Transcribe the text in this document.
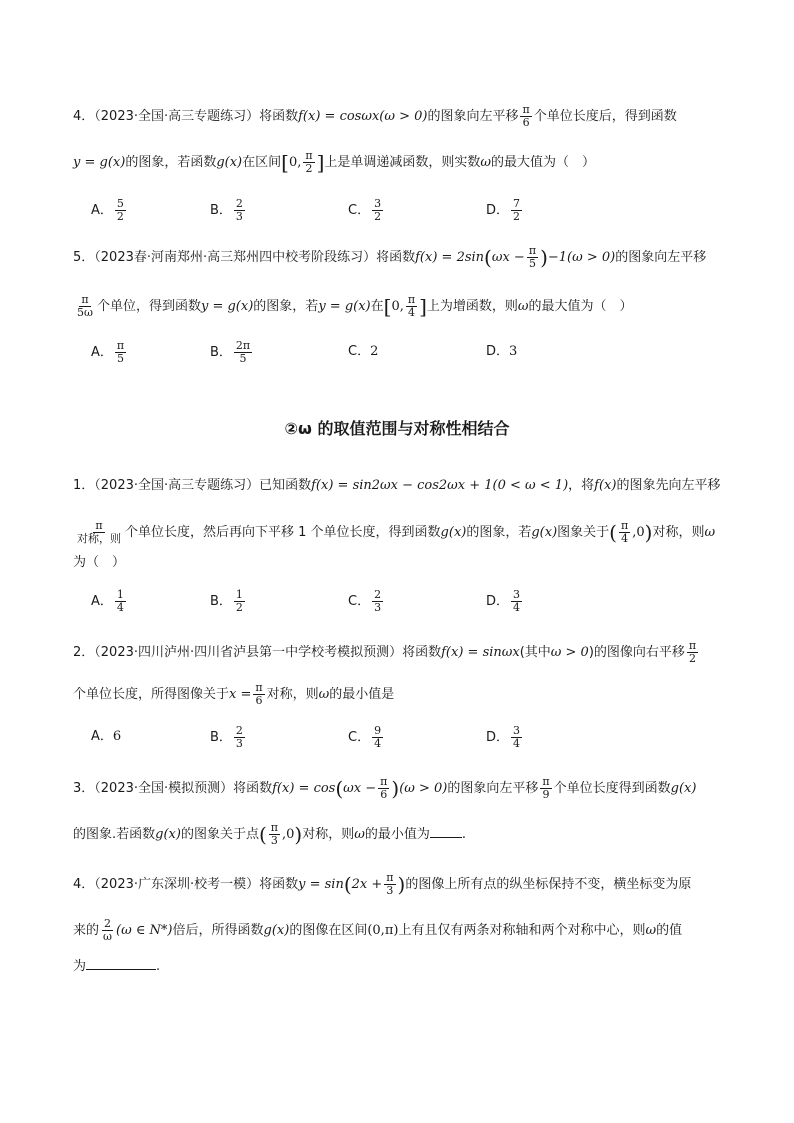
4．（2023·全国·高三专题练习）将函数f(x) = cosωx(ω > 0)的图象向左平移 $\frac{\pi}{6}$ 个单位长度后，得到函数
y = g(x)的图象，若函数g(x)在区间[0, $\frac{\pi}{2}$ ]上是单调递减函数，则实数ω的最大值为（　）
A． $\frac{5}{2}$	B． $\frac{2}{3}$	C． $\frac{3}{2}$	D． $\frac{7}{2}$
5．（2023春·河南郑州·高三郑州四中校考阶段练习）将函数$f(x) = 2\sin(\omega x - \frac{\pi}{5} )-1(\omega > 0)$的图象向左平移
$\frac{\pi}{5\omega}$ 个单位，得到函数y = g(x)的图象，若y = g(x)在[0, $\frac{\pi}{4}$ ]上为增函数，则ω的最大值为（　）
A． $\frac{\pi}{5}$	B． $\frac{2\pi}{5}$	C．2	D．3
②ω 的取值范围与对称性相结合
1．（2023·全国·高三专题练习）已知函数f(x) = sin2ωx − cos2ωx + 1(0 < ω < 1)，将f(x)的图象先向左平移
$\frac{\pi}{\text{对称，则}}$ 个单位长度，然后再向下平移 1 个单位长度，得到函数g(x)的图象，若g(x)图象关于( $\frac{\pi}{4} ,0$)对称，则ω
为（　）
A． $\frac{1}{4}$	B． $\frac{1}{2}$	C． $\frac{2}{3}$	D． $\frac{3}{4}$
2．（2023·四川泸州·四川省泸县第一中学校考模拟预测）将函数f(x) = sinωx(其中ω > 0)的图像向右平移 $\frac{\pi}{2}$
个单位长度，所得图像关于$x = \frac{\pi}{6}$ 对称，则ω的最小值是
A．6	B． $\frac{2}{3}$	C． $\frac{9}{4}$	D． $\frac{3}{4}$
3．（2023·全国·模拟预测）将函数$f(x) = \cos(\omega x - \frac{\pi}{6} )(\omega > 0)$的图象向左平移 $\frac{\pi}{9}$ 个单位长度得到函数g(x)
的图象.若函数g(x)的图象关于点( $\frac{\pi}{3} ,0$)对称，则ω的最小值为 .
4．（2023·广东深圳·校考一模）将函数$y = \sin(2x + \frac{\pi}{3}$ )的图像上所有点的纵坐标保持不变，横坐标变为原
来的 $\frac{2}{\omega} (\omega$ ∈ N*)倍后，所得函数g(x)的图像在区间(0,π)上有且仅有两条对称轴和两个对称中心，则ω的值
为	.
